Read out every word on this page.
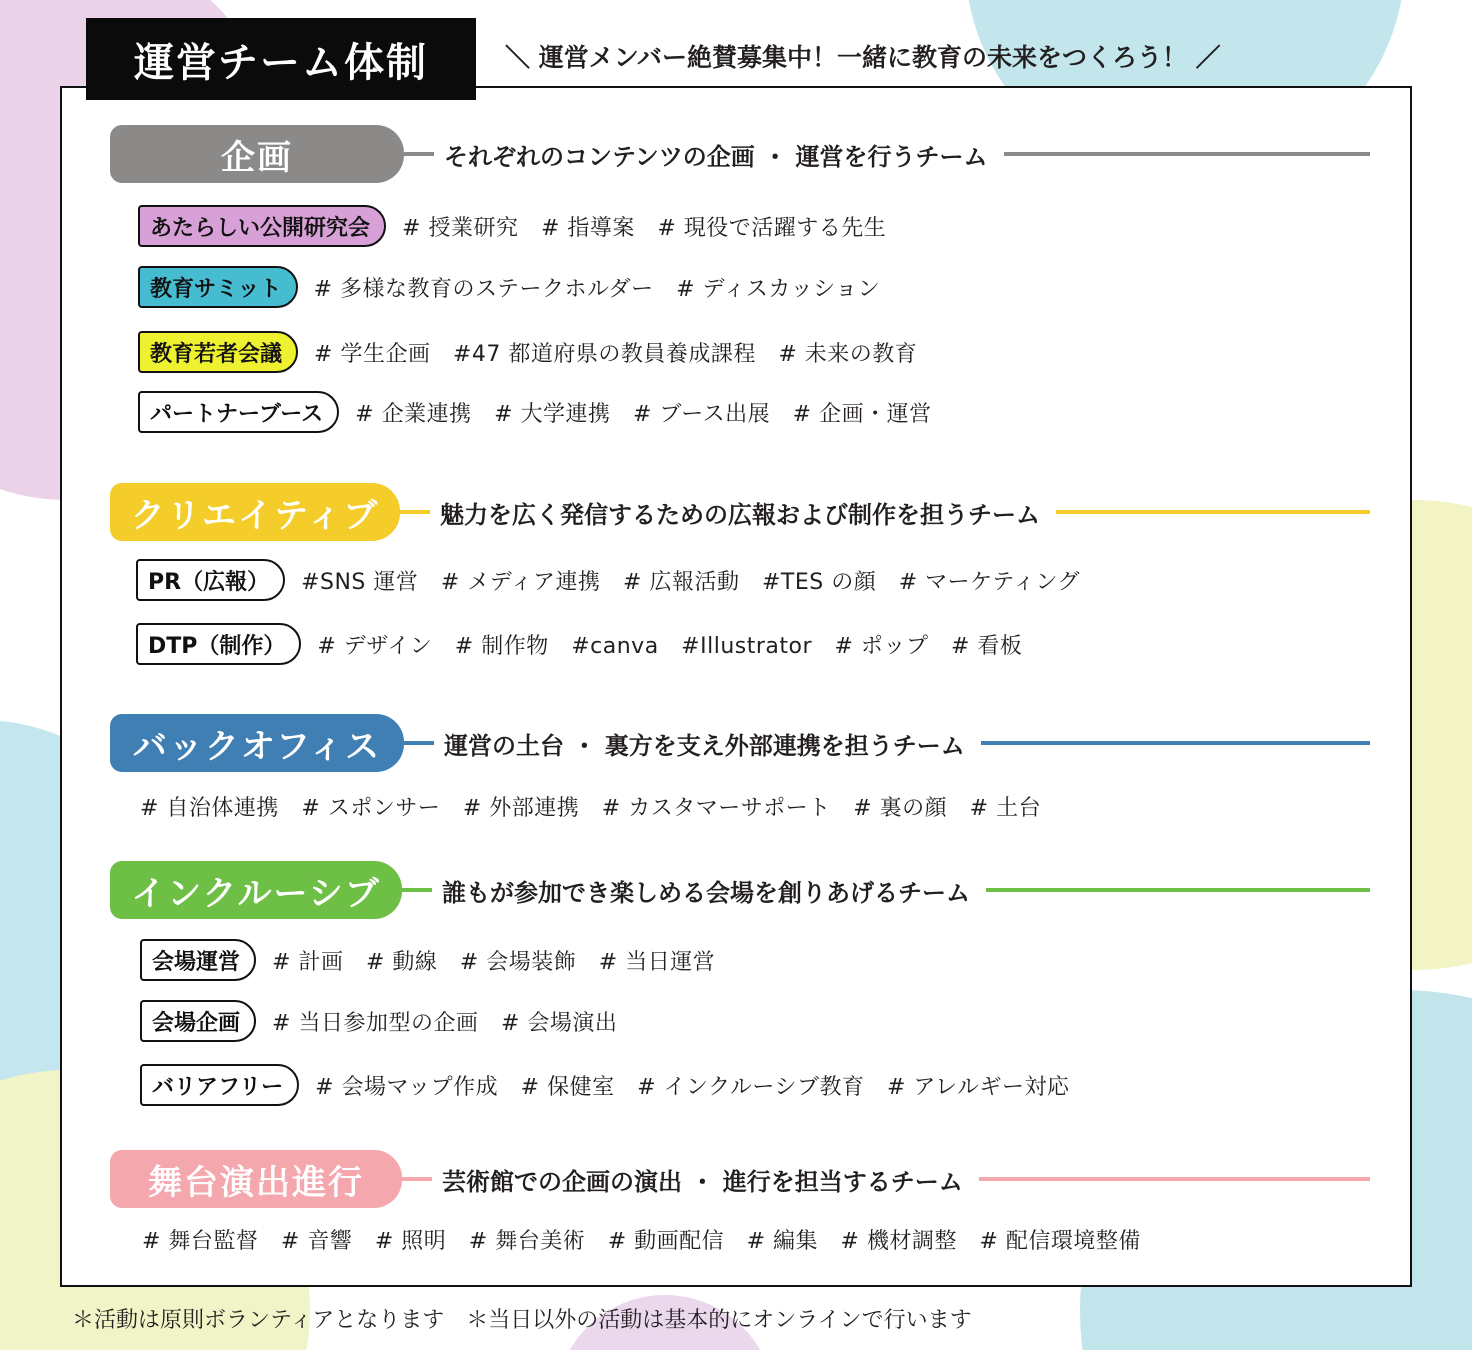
運営チーム体制	＼ 運営メンバー絶賛募集中！一緒に教育の未来をつくろう！ ／
企画	それぞれのコンテンツの企画 ・ 運営を行うチーム
あたらしい公開研究会	# 授業研究　# 指導案　# 現役で活躍する先生
教育サミット	# 多様な教育のステークホルダー　# ディスカッション
教育若者会議	# 学生企画　#47 都道府県の教員養成課程　# 未来の教育
パートナーブース	# 企業連携　# 大学連携　# ブース出展　# 企画・運営
クリエイティブ	魅力を広く発信するための広報および制作を担うチーム
PR（広報）	#SNS 運営　# メディア連携　# 広報活動　#TES の顔　# マーケティング
DTP（制作）	# デザイン　# 制作物　#canva　#Illustrator　# ポップ　# 看板
バックオフィス	運営の土台 ・ 裏方を支え外部連携を担うチーム
# 自治体連携　# スポンサー　# 外部連携　# カスタマーサポート　# 裏の顔　# 土台
インクルーシブ	誰もが参加でき楽しめる会場を創りあげるチーム
会場運営	# 計画　# 動線　# 会場装飾　# 当日運営
会場企画	# 当日参加型の企画　# 会場演出
バリアフリー	# 会場マップ作成　# 保健室　# インクルーシブ教育　# アレルギー対応
舞台演出進行	芸術館での企画の演出 ・ 進行を担当するチーム
# 舞台監督　# 音響　# 照明　# 舞台美術　# 動画配信　# 編集　# 機材調整　# 配信環境整備
＊活動は原則ボランティアとなります　＊当日以外の活動は基本的にオンラインで行います
